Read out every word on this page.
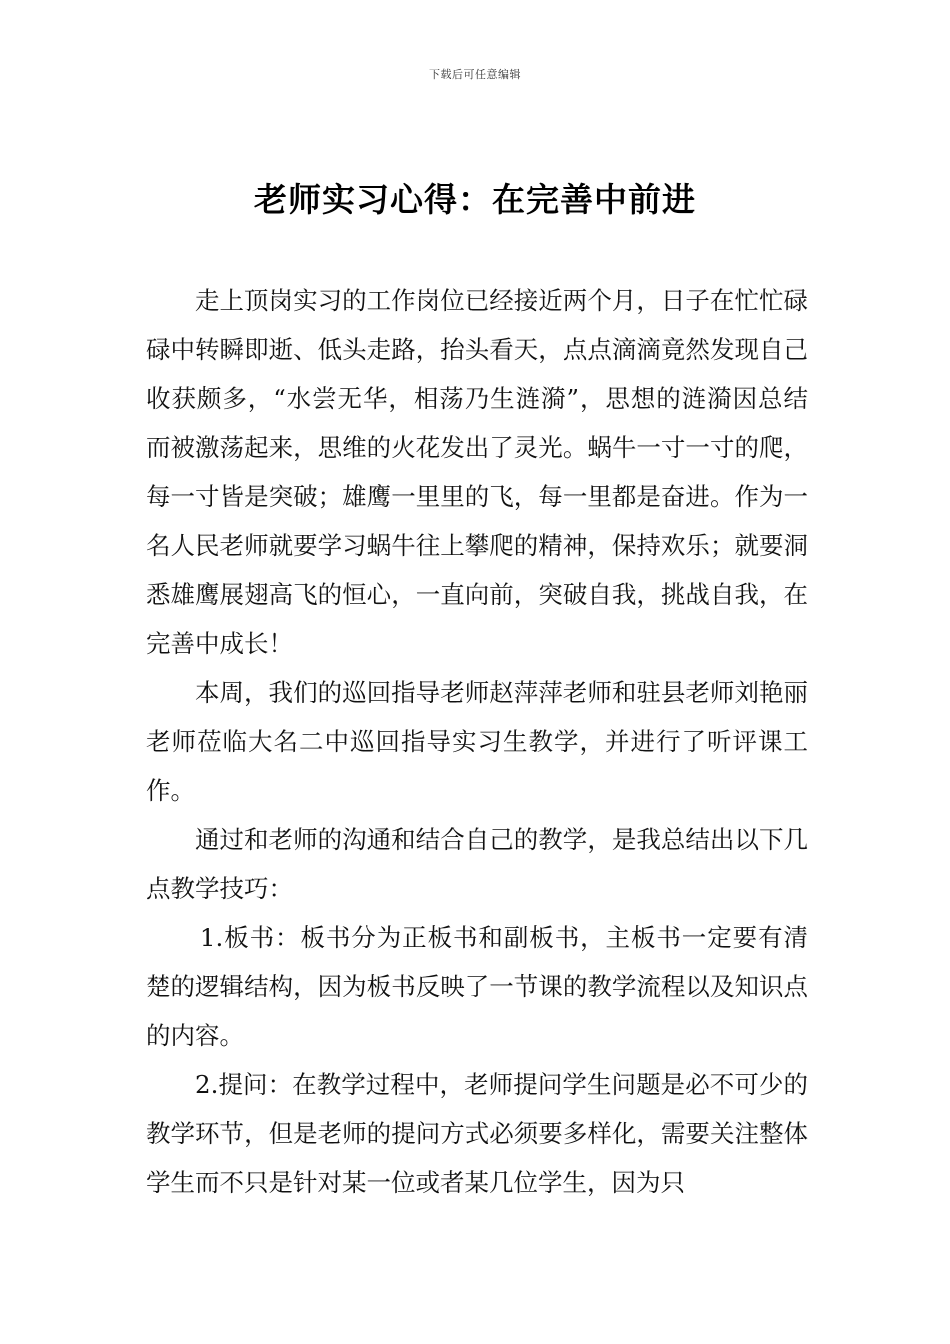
下载后可任意编辑
老师实习心得：在完善中前进

走上顶岗实习的工作岗位已经接近两个月，日子在忙忙碌碌中转瞬即逝、低头走路，抬头看天，点点滴滴竟然发现自己收获颇多，“水尝无华，相荡乃生涟漪”，思想的涟漪因总结而被激荡起来，思维的火花发出了灵光。蜗牛一寸一寸的爬，每一寸皆是突破；雄鹰一里里的飞，每一里都是奋进。作为一名人民老师就要学习蜗牛往上攀爬的精神，保持欢乐；就要洞悉雄鹰展翅高飞的恒心，一直向前，突破自我，挑战自我，在完善中成长！

本周，我们的巡回指导老师赵萍萍老师和驻县老师刘艳丽老师莅临大名二中巡回指导实习生教学，并进行了听评课工作。

通过和老师的沟通和结合自己的教学，是我总结出以下几点教学技巧：

1.板书：板书分为正板书和副板书，主板书一定要有清楚的逻辑结构，因为板书反映了一节课的教学流程以及知识点的内容。

2.提问：在教学过程中，老师提问学生问题是必不可少的教学环节，但是老师的提问方式必须要多样化，需要关注整体学生而不只是针对某一位或者某几位学生，因为只
